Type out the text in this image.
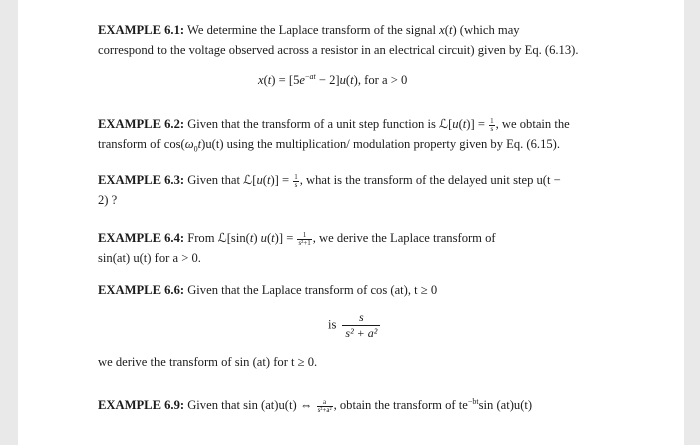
EXAMPLE 6.1: We determine the Laplace transform of the signal x(t) (which may
correspond to the voltage observed across a resistor in an electrical circuit) given by Eq. (6.13).
$x(t) = [5e^{-at} - 2]u(t)$, for a > 0
EXAMPLE 6.2: Given that the transform of a unit step function is ℒ[u(t)] = $\frac{1}{s}$ , we obtain the
transform of $\cos(\omega_0t)u(t)$ using the multiplication/ modulation property given by Eq. (6.15).
EXAMPLE 6.3: Given that ℒ[u(t)] = $\frac{1}{s}$ , what is the transform of the delayed unit step u(t −
2) ?
EXAMPLE 6.4: From ℒ[sin(t) $u(t)] = \frac{1}{\text{s²+1}}$ , we derive the Laplace transform of
sin(at) u(t) for a > 0.
EXAMPLE 6.6: Given that the Laplace transform of cos (at), t ≥ 0
is $\frac{s}{\text{s² + a²}}$
we derive the transform of sin (at) for t ≥ 0.
EXAMPLE 6.9: Given that sin (at)u(t) ⇔ $\frac{a}{\text{s²+a²}}$ , obtain the transform of $te^{-bt}\sin$ (at)u(t)
